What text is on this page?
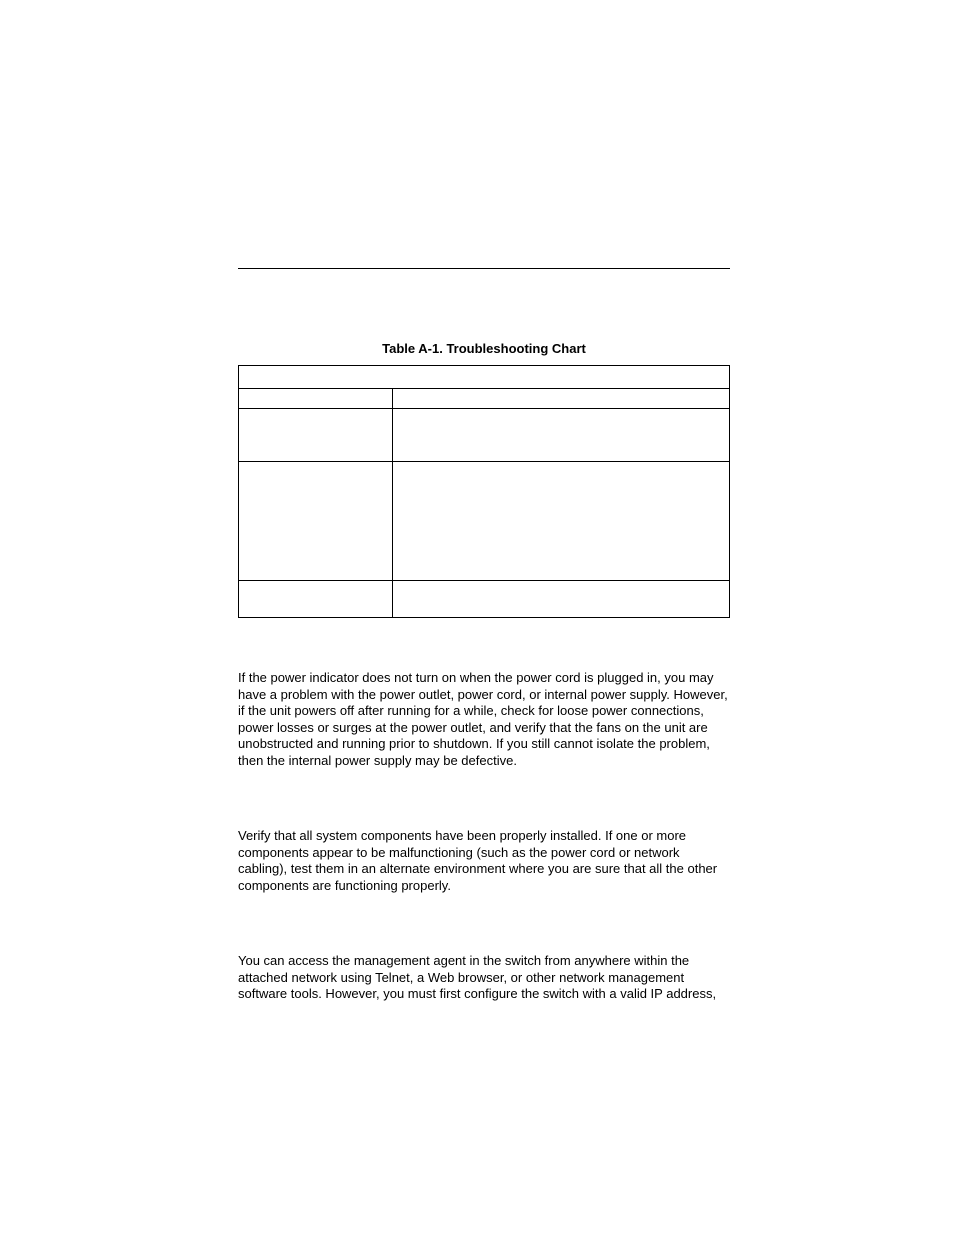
Table A-1. Troubleshooting Chart

If the power indicator does not turn on when the power cord is plugged in, you may have a problem with the power outlet, power cord, or internal power supply. However, if the unit powers off after running for a while, check for loose power connections, power losses or surges at the power outlet, and verify that the fans on the unit are unobstructed and running prior to shutdown. If you still cannot isolate the problem, then the internal power supply may be defective.

Verify that all system components have been properly installed. If one or more components appear to be malfunctioning (such as the power cord or network cabling), test them in an alternate environment where you are sure that all the other components are functioning properly.

You can access the management agent in the switch from anywhere within the attached network using Telnet, a Web browser, or other network management software tools. However, you must first configure the switch with a valid IP address,
